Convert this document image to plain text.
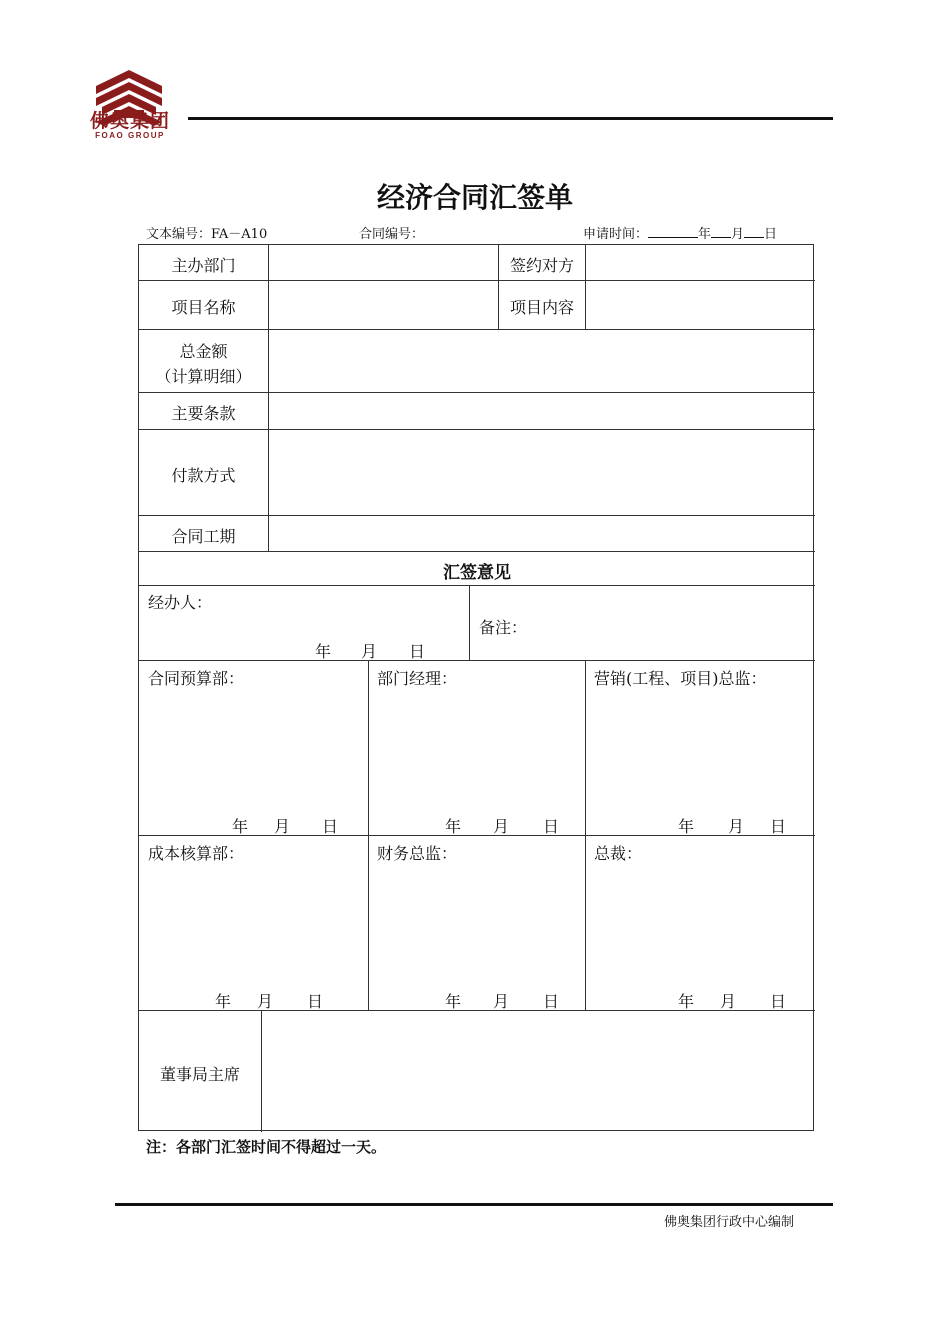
佛奥集团
FOAO GROUP
经济合同汇签单
文本编号：FA－A10	合同编号：	申请时间：	年 月 日
主办部门	签约对方
项目名称	项目内容
总金额
（计算明细）
主要条款
付款方式
合同工期
汇签意见
经办人：
年 月 日
备注：
合同预算部：
年 月 日
部门经理：
年 月 日
营销(工程、项目)总监：
年 月 日
成本核算部：
年 月 日
财务总监：
年 月 日
总裁：
年 月 日
董事局主席
注：各部门汇签时间不得超过一天。
佛奥集团行政中心编制
